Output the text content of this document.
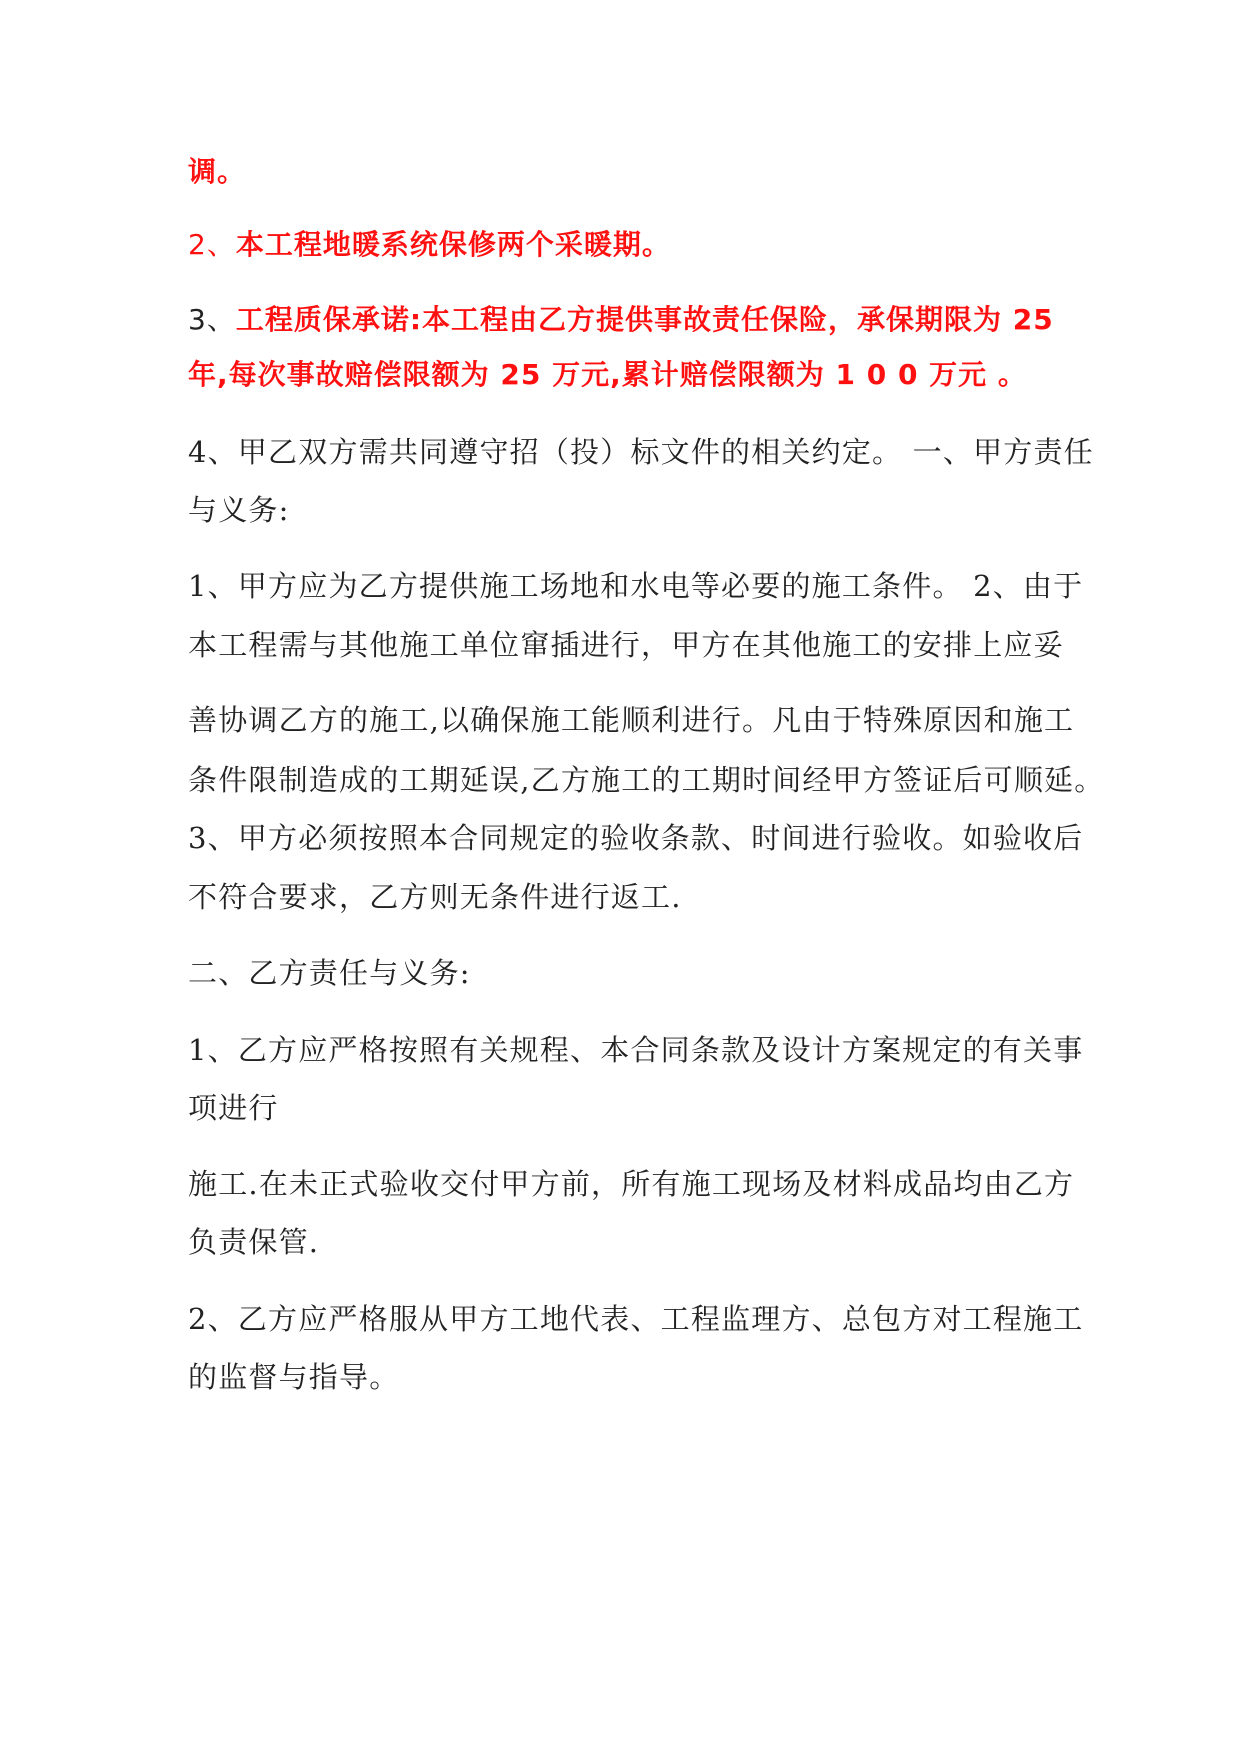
调。
2、本工程地暖系统保修两个采暖期。
3、工程质保承诺:本工程由乙方提供事故责任保险，承保期限为 25
年,每次事故赔偿限额为 25 万元,累计赔偿限额为 1 0 0 万元 。
4、甲乙双方需共同遵守招（投）标文件的相关约定。 一、甲方责任
与义务:
1、甲方应为乙方提供施工场地和水电等必要的施工条件。 2、由于
本工程需与其他施工单位窜插进行，甲方在其他施工的安排上应妥
善协调乙方的施工,以确保施工能顺利进行。凡由于特殊原因和施工
条件限制造成的工期延误,乙方施工的工期时间经甲方签证后可顺延。
3、甲方必须按照本合同规定的验收条款、时间进行验收。如验收后
不符合要求，乙方则无条件进行返工.
二、乙方责任与义务:
1、乙方应严格按照有关规程、本合同条款及设计方案规定的有关事
项进行
施工.在未正式验收交付甲方前，所有施工现场及材料成品均由乙方
负责保管.
2、乙方应严格服从甲方工地代表、工程监理方、总包方对工程施工
的监督与指导。
